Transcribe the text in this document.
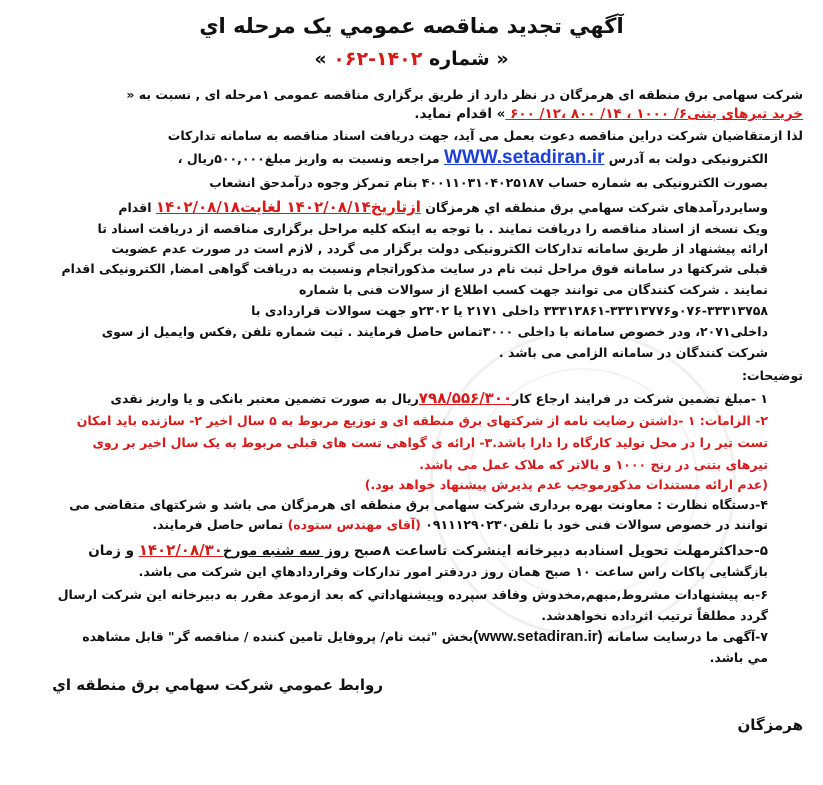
آگهي تجديد مناقصه عمومي يک مرحله اي
« شماره ۱۴۰۲-۰۶۲ »
شرکت سهامی برق منطقه ای هرمزگان در نظر دارد از طریق برگزاری مناقصه عمومی ۱مرحله ای , نسبت به «
خرید تیرهای بتنی۶/ ۱۰۰۰ ، ۱۴/ ۸۰۰ ،۱۲/ ۶۰۰ » اقدام نماید.
لذا ازمتقاضیان شرکت دراین مناقصه دعوت بعمل می آید، جهت دریافت اسناد مناقصه به سامانه تدارکات
الکترونیکی دولت به آدرس WWW.setadiran.ir مراجعه ونسبت به واریز مبلغ۵۰۰,۰۰۰ریال ،
بصورت الکترونیکی به شماره حساب ۴۰۰۱۱۰۳۱۰۴۰۲۵۱۸۷ بنام تمرکز وجوه درآمدحق انشعاب
وسایردرآمدهای شرکت سهامي برق منطقه اي هرمزگان ازتاریخ۱۴۰۲/۰۸/۱۴ لغایت۱۴۰۲/۰۸/۱۸ اقدام
ویک نسخه از اسناد مناقصه را دریافت نمایند . با توجه به اینکه کلیه مراحل برگزاری مناقصه از دریافت اسناد تا
ارائه پیشنهاد از طریق سامانه تدارکات الکترونیکی دولت برگزار می گردد , لازم است در صورت عدم عضویت
قبلی شرکتها در سامانه فوق مراحل ثبت نام در سایت مذکوراتجام ونسبت به دریافت گواهی امضا, الکترونیکی اقدام
نمایند . شرکت کنندگان می توانند جهت کسب اطلاع از سوالات فنی با شماره
۰۷۶-۳۳۳۱۳۷۵۸و۳۳۳۱۳۷۷۶-۳۳۳۱۳۸۶۱ داخلی ۲۱۷۱ یا ۲۳۰۲و جهت سوالات قراردادی با
داخلی۲۰۷۱، ودر خصوص سامانه با داخلی ۳۰۰۰تماس حاصل فرمایند . ثبت شماره تلفن ,فکس وایمیل از سوی
شرکت کنندگان در سامانه الزامی می باشد .
توضیحات:
۱ -مبلغ تضمین شرکت در فرایند ارجاع کار۷۹۸/۵۵۶/۳۰۰ریال به صورت تضمین معتبر بانکی و یا واریز نقدی
۲- الزامات: ۱ -داشتن رضایت نامه از شرکتهای برق منطقه ای و توزیع مربوط به ۵ سال اخیر ۲- سازنده باید امکان
تست تیر را در محل تولید کارگاه را دارا باشد.۳- ارائه ی گواهی تست های قبلی مربوط به یک سال اخیر بر روی
تیرهای بتنی در رنج ۱۰۰۰ و بالاتر که ملاک عمل می باشد.
(عدم ارائه مستندات مذکورموجب عدم پذیرش پیشنهاد خواهد بود.)
۴-دستگاه نظارت : معاونت بهره برداری شرکت سهامی برق منطقه ای هرمزگان می باشد و شرکتهای متقاضی می
توانند در خصوص سوالات فنی خود با تلفن۰۹۱۱۱۲۹۰۲۳۰ (آقای مهندس ستوده) تماس حاصل فرمایند.
۵-حداکثرمهلت تحویل اسنادبه دبیرخانه اینشرکت تاساعت ۸صبح روز سه شنبه مورخ۱۴۰۲/۰۸/۳۰ و زمان
بازگشایی پاکات راس ساعت ۱۰ صبح همان روز دردفتر امور تدارکات وقراردادهاي این شرکت می باشد.
۶-به پیشنهادات مشروط,مبهم,مخدوش وفاقد سپرده وپیشنهاداتي که بعد ازموعد مقرر به دبیرخانه این شرکت ارسال
گردد مطلقاً ترتیب اثرداده نخواهدشد.
۷-آگهی ما درسایت سامانه (www.setadiran.ir)بخش "ثبت نام/ پروفایل تامین کننده / مناقصه گر" قابل مشاهده
مي باشد.
روابط عمومي شرکت سهامي برق منطقه اي
هرمزگان
